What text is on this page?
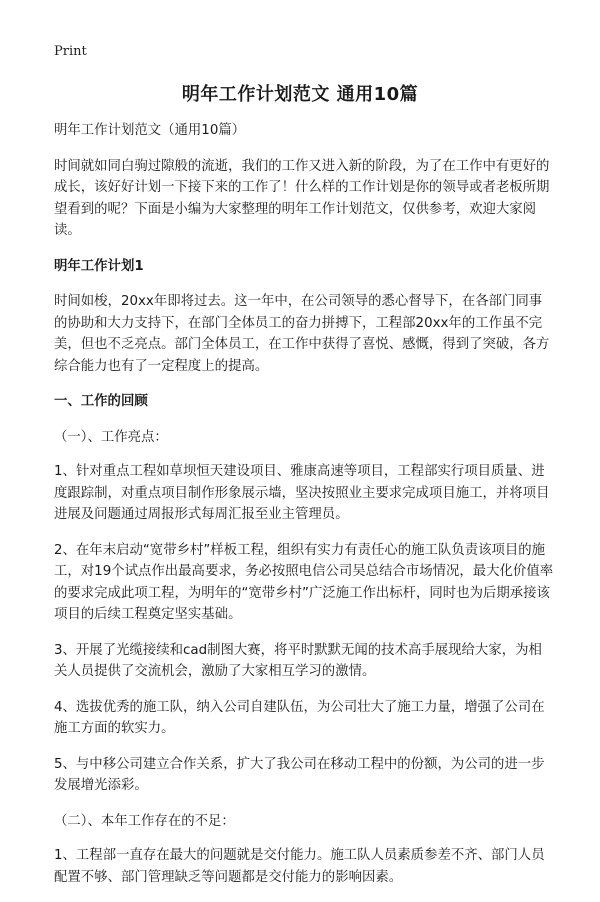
Print
明年工作计划范文 通用10篇

明年工作计划范文（通用10篇）

时间就如同白驹过隙般的流逝，我们的工作又进入新的阶段，为了在工作中有更好的成长，该好好计划一下接下来的工作了！什么样的工作计划是你的领导或者老板所期望看到的呢？下面是小编为大家整理的明年工作计划范文，仅供参考，欢迎大家阅读。

明年工作计划1

时间如梭，20xx年即将过去。这一年中，在公司领导的悉心督导下，在各部门同事的协助和大力支持下，在部门全体员工的奋力拼搏下，工程部20xx年的工作虽不完美，但也不乏亮点。部门全体员工，在工作中获得了喜悦、感慨，得到了突破，各方综合能力也有了一定程度上的提高。

一、工作的回顾

（一）、工作亮点：

1、针对重点工程如草坝恒天建设项目、雅康高速等项目，工程部实行项目质量、进度跟踪制，对重点项目制作形象展示墙，坚决按照业主要求完成项目施工，并将项目进展及问题通过周报形式每周汇报至业主管理员。

2、在年末启动“宽带乡村”样板工程，组织有实力有责任心的施工队负责该项目的施工，对19个试点作出最高要求，务必按照电信公司吴总结合市场情况，最大化价值率的要求完成此项工程，为明年的“宽带乡村”广泛施工作出标杆，同时也为后期承接该项目的后续工程奠定坚实基础。

3、开展了光缆接续和cad制图大赛，将平时默默无闻的技术高手展现给大家，为相关人员提供了交流机会，激励了大家相互学习的激情。

4、选拔优秀的施工队，纳入公司自建队伍，为公司壮大了施工力量，增强了公司在施工方面的软实力。

5、与中移公司建立合作关系，扩大了我公司在移动工程中的份额，为公司的进一步发展增光添彩。

（二）、本年工作存在的不足：

1、工程部一直存在最大的问题就是交付能力。施工队人员素质参差不齐、部门人员配置不够、部门管理缺乏等问题都是交付能力的影响因素。
